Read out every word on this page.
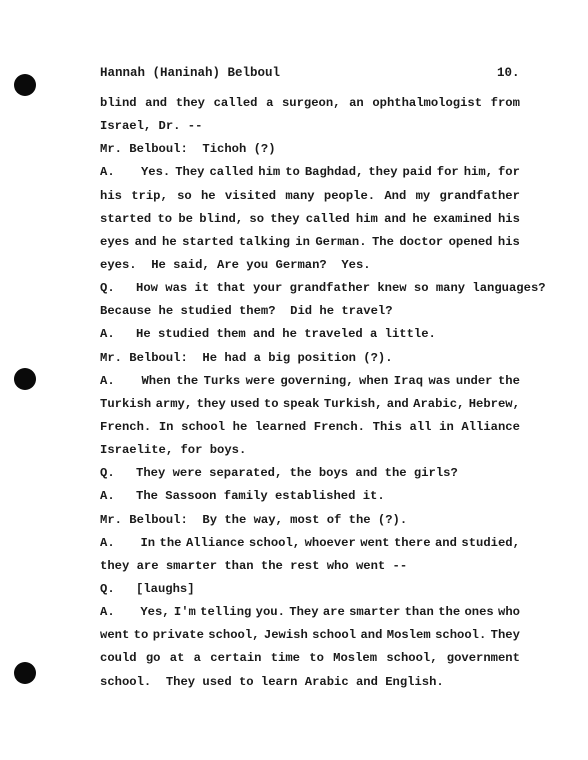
Hannah (Haninah) Belboul	10.
blind and they called a surgeon, an ophthalmologist from
Israel, Dr. --
Mr. Belboul:  Tichoh (?)
A.	Yes. They called him to Baghdad, they paid for him, for
his trip, so he visited many people. And my grandfather
started to be blind, so they called him and he examined his
eyes and he started talking in German. The doctor opened his
eyes.  He said, Are you German?  Yes.
Q. How was it that your grandfather knew so many languages?
Because he studied them?  Did he travel?
A. He studied them and he traveled a little.
Mr. Belboul:  He had a big position (?).
A.	When the Turks were governing, when Iraq was under the
Turkish army, they used to speak Turkish, and Arabic, Hebrew,
French. In school he learned French. This all in Alliance
Israelite, for boys.
Q. They were separated, the boys and the girls?
A. The Sassoon family established it.
Mr. Belboul:  By the way, most of the (?).
A.	In the Alliance school, whoever went there and studied,
they are smarter than the rest who went --
Q. [laughs]
A.	Yes, I'm telling you. They are smarter than the ones who
went to private school, Jewish school and Moslem school. They
could go at a certain time to Moslem school, government
school.  They used to learn Arabic and English.
